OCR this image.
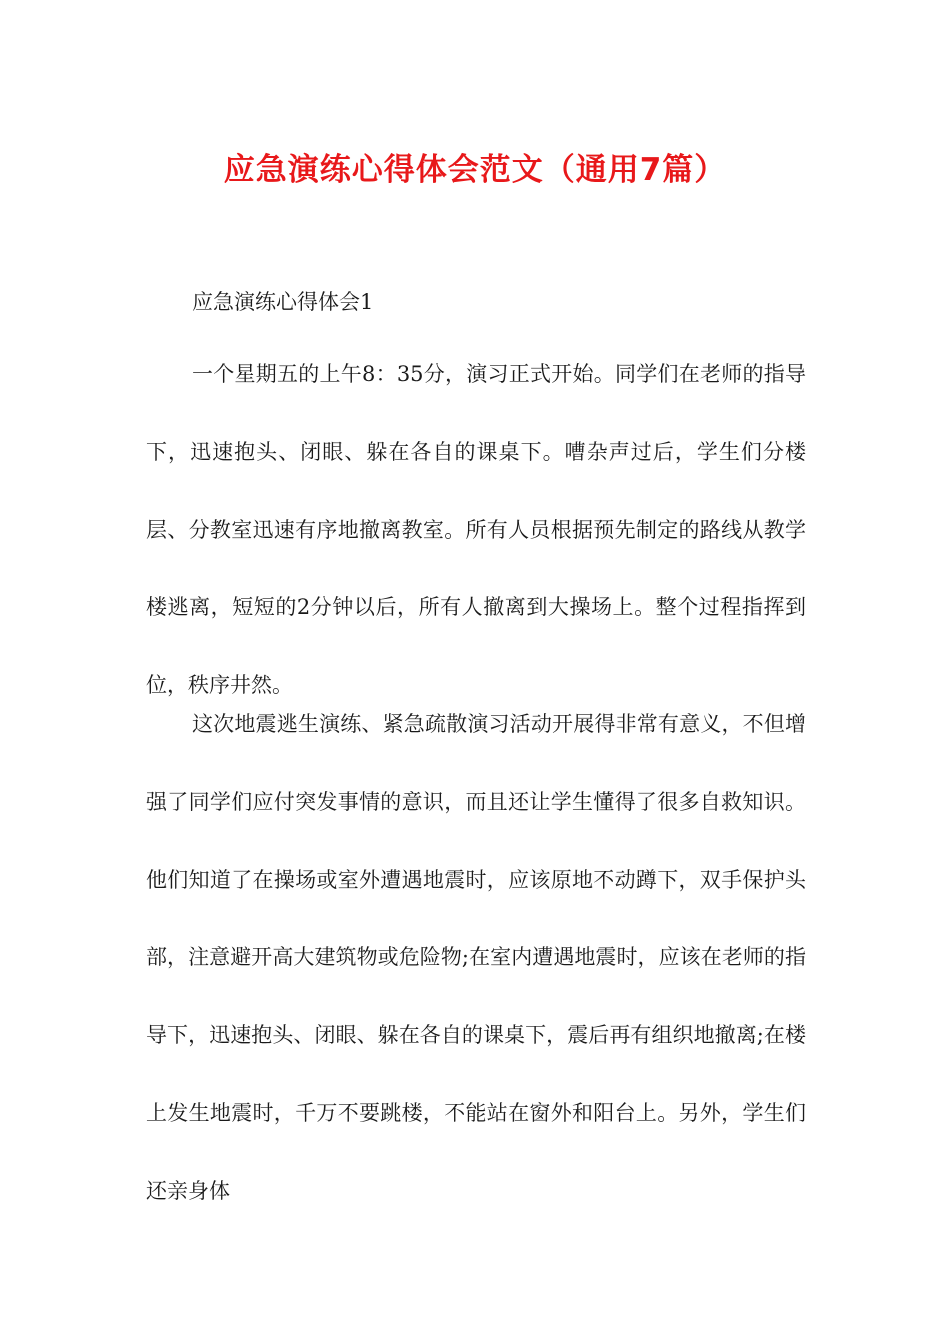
应急演练心得体会范文（通用7篇）
应急演练心得体会1

一个星期五的上午8：35分，演习正式开始。同学们在老师的指导下，迅速抱头、闭眼、躲在各自的课桌下。嘈杂声过后，学生们分楼层、分教室迅速有序地撤离教室。所有人员根据预先制定的路线从教学楼逃离，短短的2分钟以后，所有人撤离到大操场上。整个过程指挥到位，秩序井然。

这次地震逃生演练、紧急疏散演习活动开展得非常有意义，不但增强了同学们应付突发事情的意识，而且还让学生懂得了很多自救知识。他们知道了在操场或室外遭遇地震时，应该原地不动蹲下，双手保护头部，注意避开高大建筑物或危险物;在室内遭遇地震时，应该在老师的指导下，迅速抱头、闭眼、躲在各自的课桌下，震后再有组织地撤离;在楼上发生地震时，千万不要跳楼，不能站在窗外和阳台上。另外，学生们还亲身体
